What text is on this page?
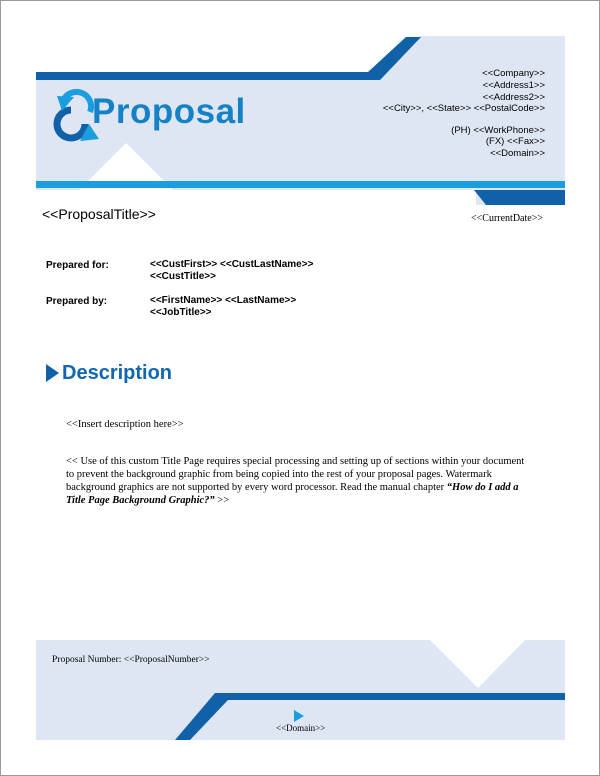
Proposal
<<Company>>
<<Address1>>
<<Address2>>
<<City>>, <<State>> <<PostalCode>>
(PH) <<WorkPhone>>
(FX) <<Fax>>
<<Domain>>
<<ProposalTitle>>	<<CurrentDate>>
Prepared for:	<<CustFirst>> <<CustLastName>>
<<CustTitle>>
Prepared by:	<<FirstName>> <<LastName>>
<<JobTitle>>
Description
<<Insert description here>>
<< Use of this custom Title Page requires special processing and setting up of sections within your document to prevent the background graphic from being copied into the rest of your proposal pages. Watermark background graphics are not supported by every word processor. Read the manual chapter “How do I add a Title Page Background Graphic?” >>
Proposal Number: <<ProposalNumber>>
<<Domain>>
